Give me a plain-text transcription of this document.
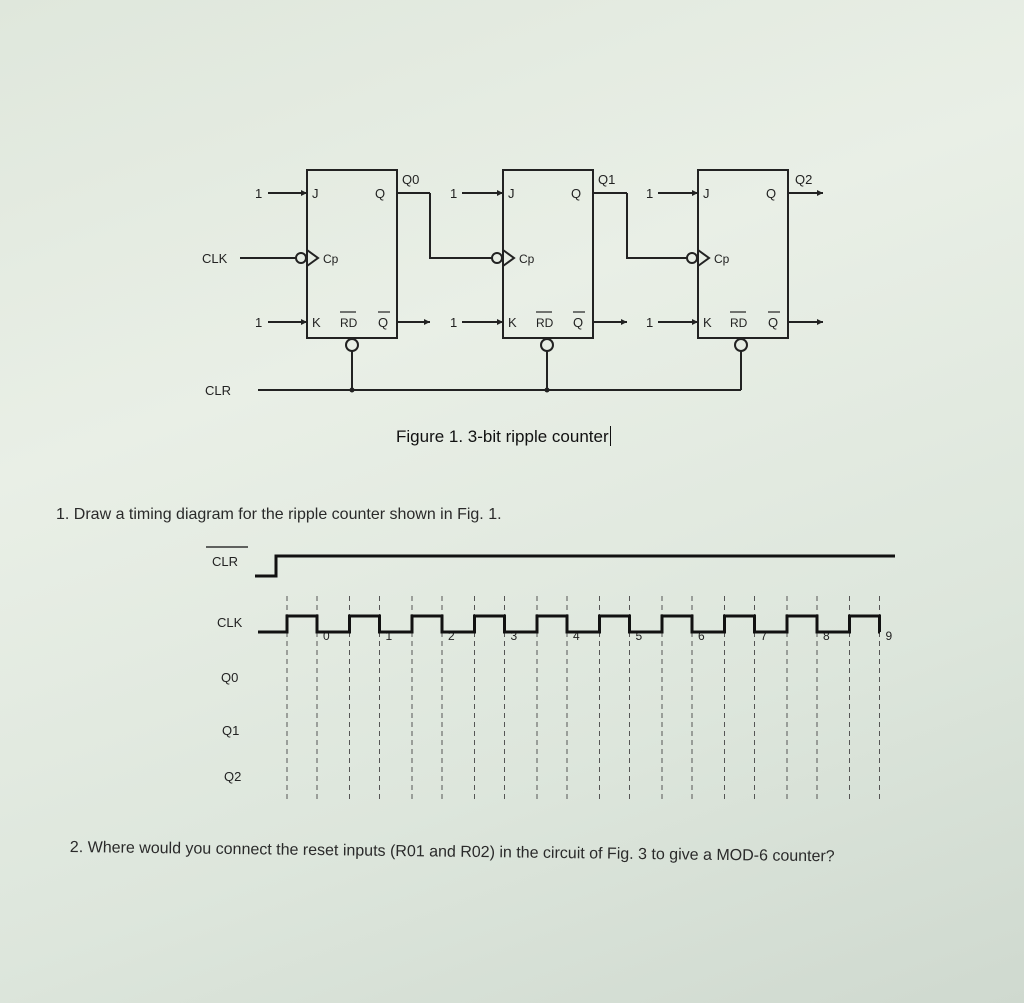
1	J	Q
Q0
Cp
1	K RD Q
1	J	Q
Q1
Cp
1	K RD Q
1	J	Q
Q2
Cp
1	K RD Q
CLK
CLR
Figure 1. 3-bit ripple counter
1. Draw a timing diagram for the ripple counter shown in Fig. 1.
CLR
CLK
Q0
Q1
Q2
0	1	2	3	4	5	6	7	8	9
2. Where would you connect the reset inputs (R01 and R02) in the circuit of Fig. 3 to give a MOD-6 counter?
